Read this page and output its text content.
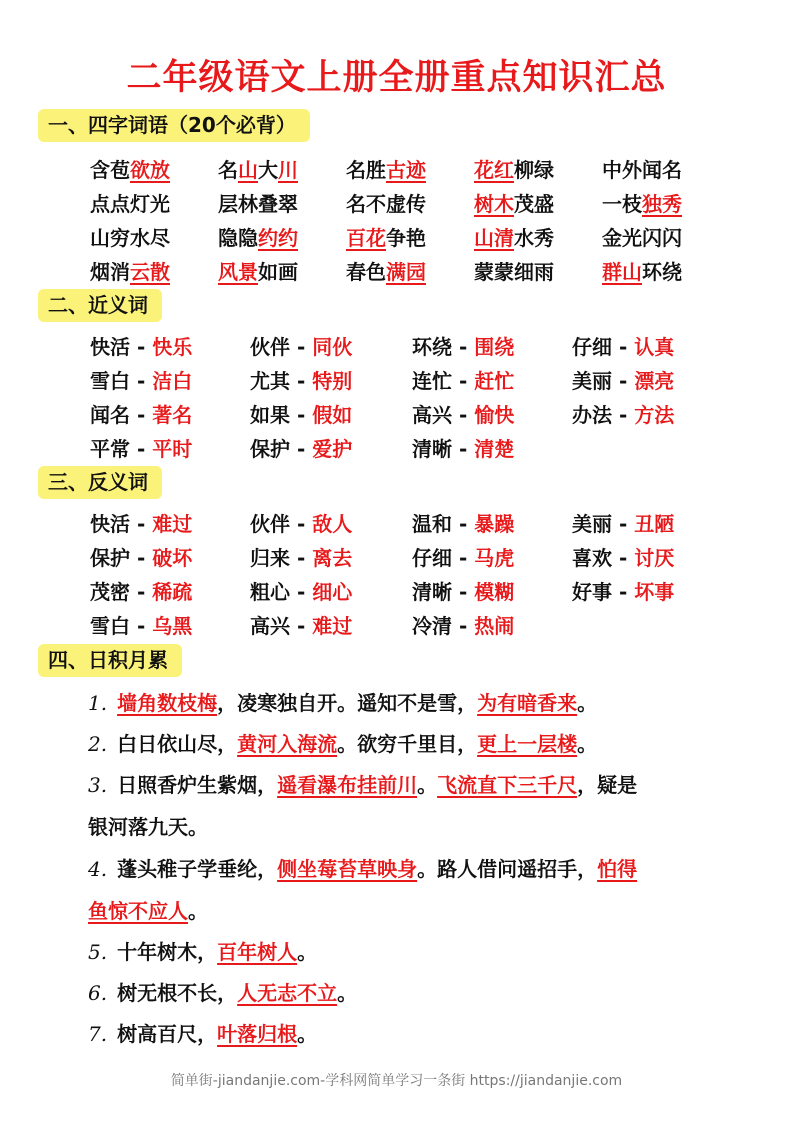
二年级语文上册全册重点知识汇总
一、四字词语（20个必背）
含苞欲放 名山大川 名胜古迹 花红柳绿 中外闻名
点点灯光 层林叠翠 名不虚传 树木茂盛 一枝独秀
山穷水尽 隐隐约约 百花争艳 山清水秀 金光闪闪
烟消云散 风景如画 春色满园 蒙蒙细雨 群山环绕
二、近义词
快活 - 快乐	伙伴 - 同伙	环绕 - 围绕	仔细 - 认真
雪白 - 洁白	尤其 - 特别	连忙 - 赶忙	美丽 - 漂亮
闻名 - 著名	如果 - 假如	高兴 - 愉快	办法 - 方法
平常 - 平时	保护 - 爱护	清晰 - 清楚
三、反义词
快活 - 难过	伙伴 - 敌人	温和 - 暴躁	美丽 - 丑陋
保护 - 破坏	归来 - 离去	仔细 - 马虎	喜欢 - 讨厌
茂密 - 稀疏	粗心 - 细心	清晰 - 模糊	好事 - 坏事
雪白 - 乌黑	高兴 - 难过	冷清 - 热闹
四、日积月累
1. 墙角数枝梅，凌寒独自开。遥知不是雪，为有暗香来。
2. 白日依山尽，黄河入海流。欲穷千里目，更上一层楼。
3. 日照香炉生紫烟，遥看瀑布挂前川。飞流直下三千尺，疑是
银河落九天。
4. 蓬头稚子学垂纶，侧坐莓苔草映身。路人借问遥招手，怕得
鱼惊不应人。
5. 十年树木，百年树人。
6. 树无根不长，人无志不立。
7. 树高百尺，叶落归根。
简单街-jiandanjie.com-学科网简单学习一条街 https://jiandanjie.com
